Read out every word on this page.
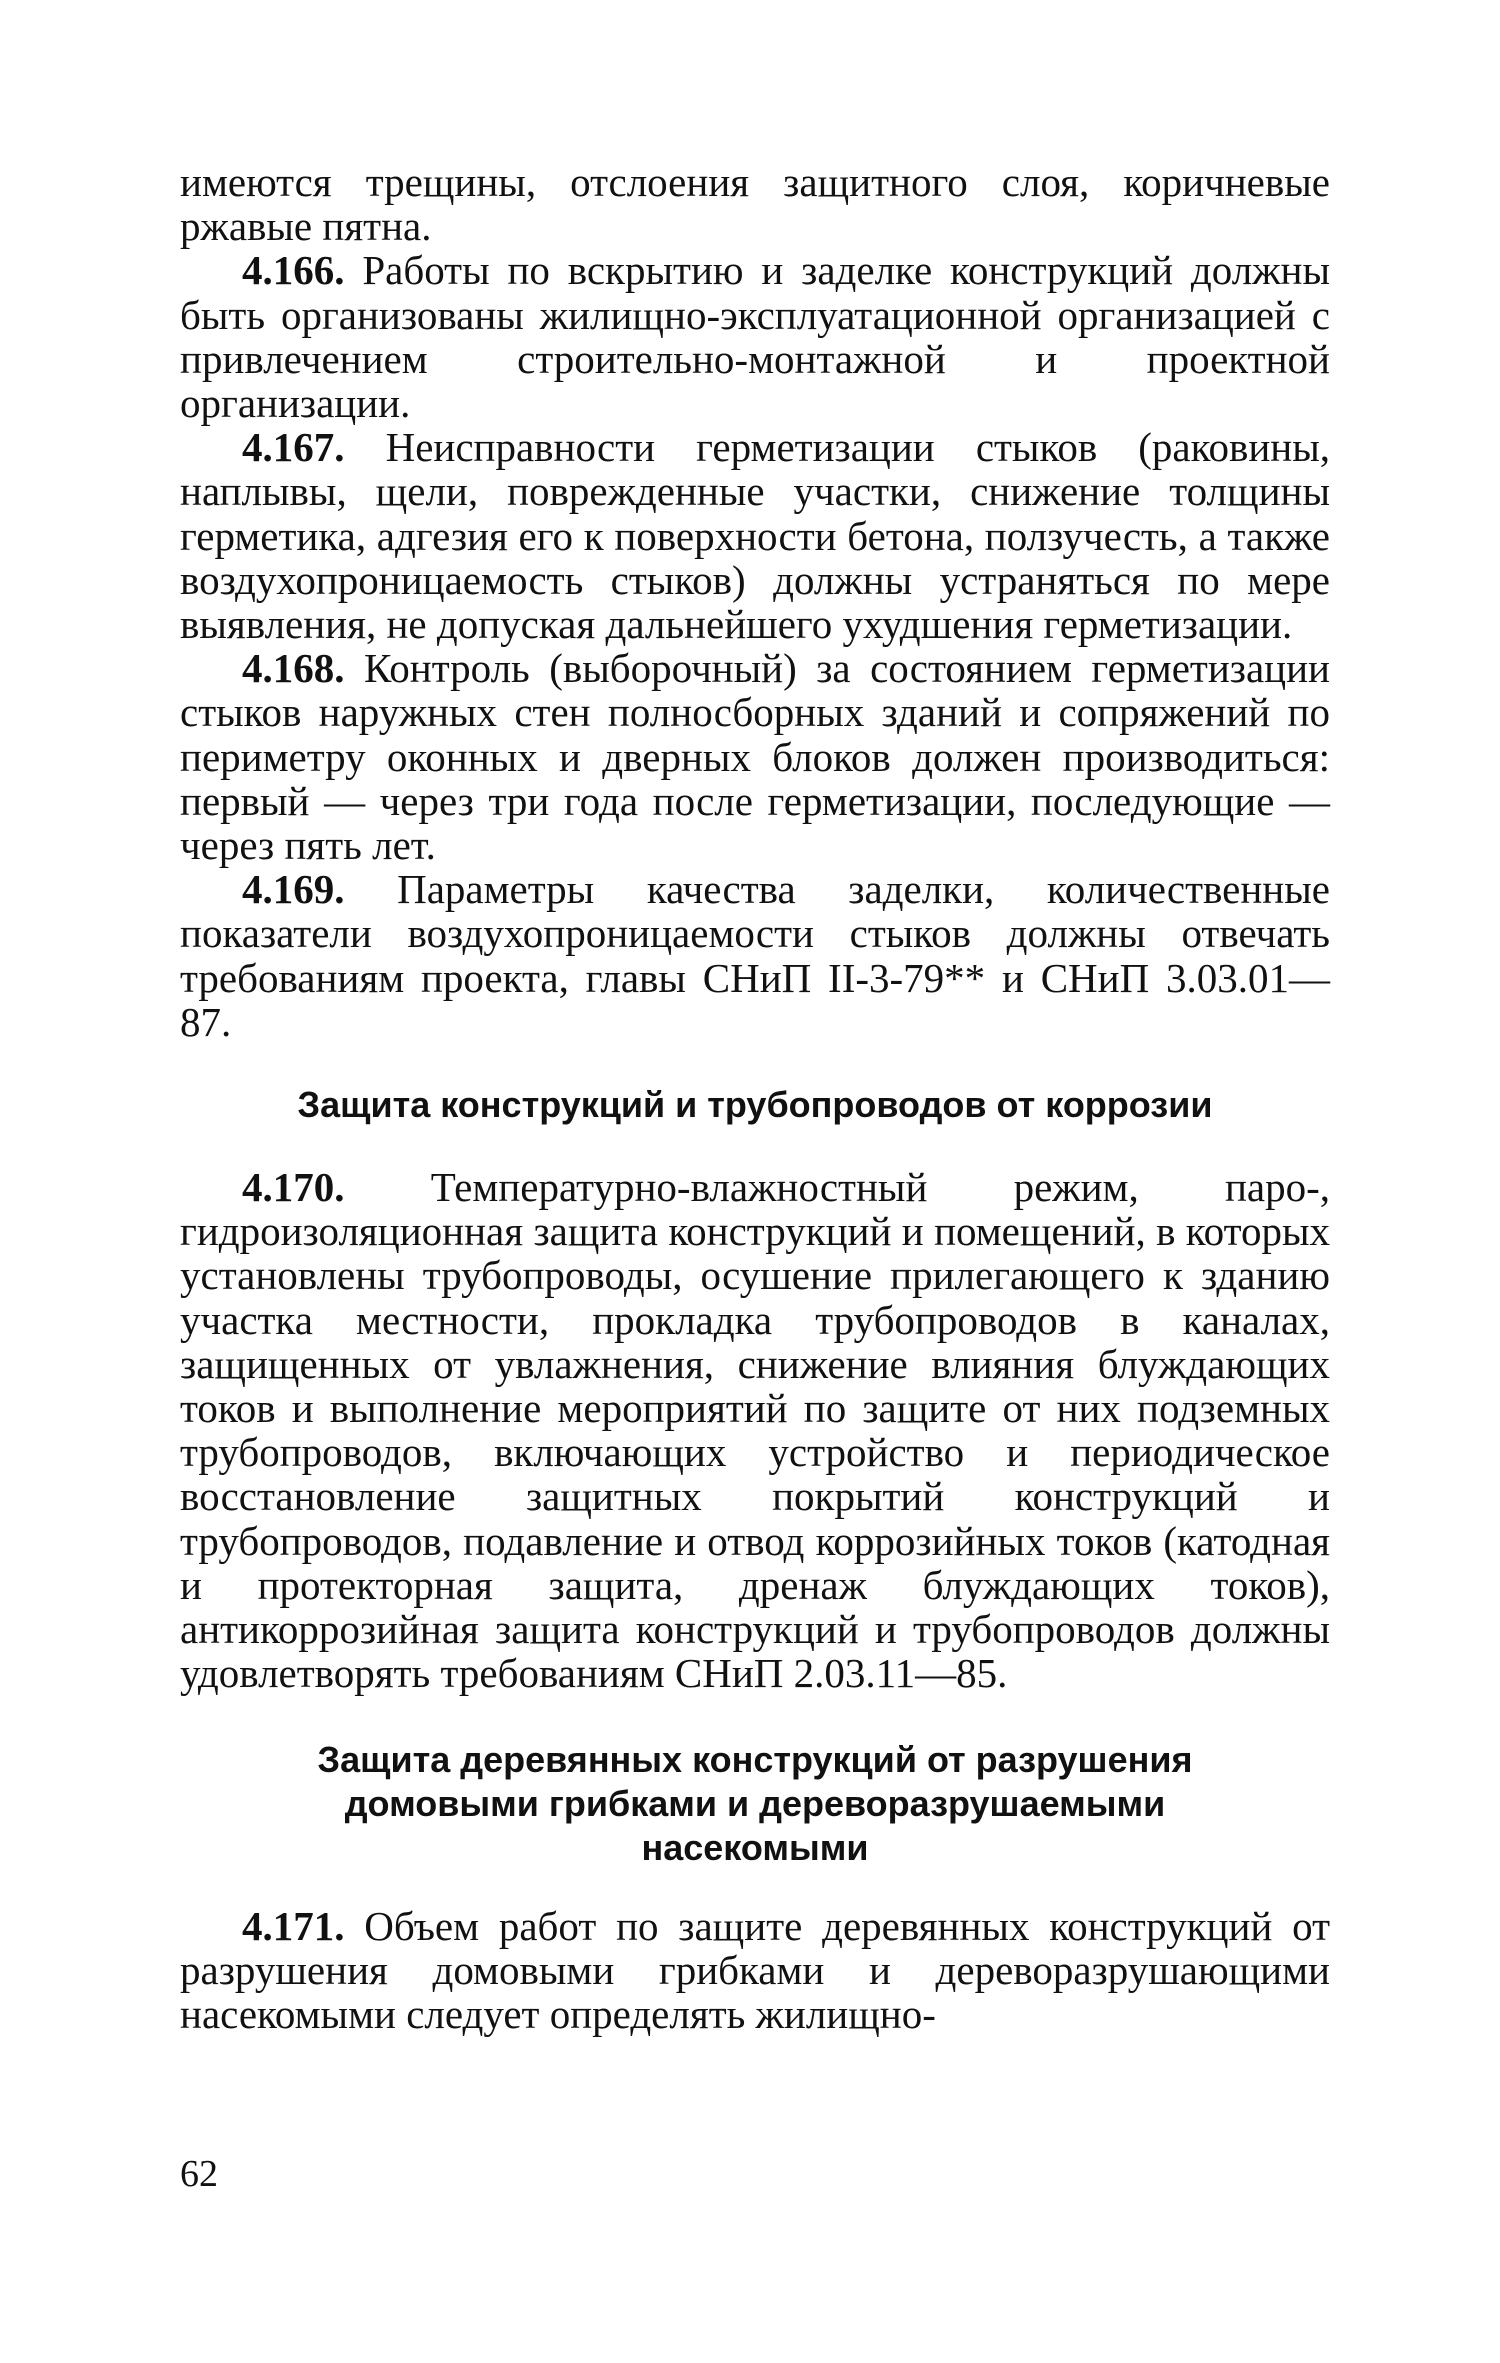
имеются трещины, отслоения защитного слоя, коричневые ржавые пятна.

4.166. Работы по вскрытию и заделке конструкций должны быть организованы жилищно-эксплуатационной организацией с привлечением строительно-монтажной и проектной организации.

4.167. Неисправности герметизации стыков (раковины, наплывы, щели, поврежденные участки, снижение толщины герметика, адгезия его к поверхности бетона, ползучесть, а также воздухопроницаемость стыков) должны устраняться по мере выявления, не допуская дальнейшего ухудшения герметизации.

4.168. Контроль (выборочный) за состоянием герметизации стыков наружных стен полносборных зданий и сопряжений по периметру оконных и дверных блоков должен производиться: первый — через три года после герметизации, последующие — через пять лет.

4.169. Параметры качества заделки, количественные показатели воздухопроницаемости стыков должны отвечать требованиям проекта, главы СНиП II-3-79** и СНиП 3.03.01—87.

Защита конструкций и трубопроводов от коррозии

4.170. Температурно-влажностный режим, паро-, гидроизоляционная защита конструкций и помещений, в которых установлены трубопроводы, осушение прилегающего к зданию участка местности, прокладка трубопроводов в каналах, защищенных от увлажнения, снижение влияния блуждающих токов и выполнение мероприятий по защите от них подземных трубопроводов, включающих устройство и периодическое восстановление защитных покрытий конструкций и трубопроводов, подавление и отвод коррозийных токов (катодная и протекторная защита, дренаж блуждающих токов), антикоррозийная защита конструкций и трубопроводов должны удовлетворять требованиям СНиП 2.03.11—85.

Защита деревянных конструкций от разрушения домовыми грибками и дереворазрушаемыми насекомыми

4.171. Объем работ по защите деревянных конструкций от разрушения домовыми грибками и дереворазрушающими насекомыми следует определять жилищно-

62
